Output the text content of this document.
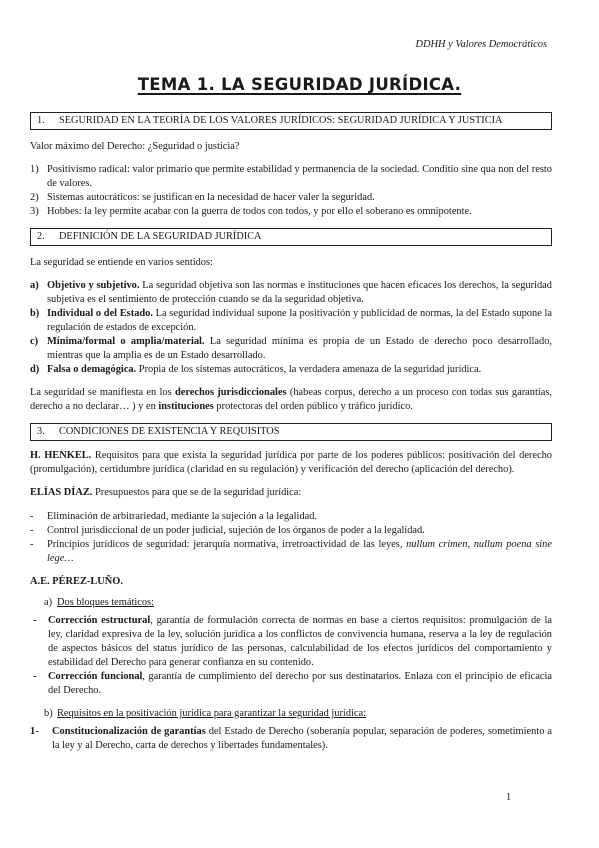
DDHH y Valores Democráticos
TEMA 1. LA SEGURIDAD JURÍDICA.
1. SEGURIDAD EN LA TEORÍA DE LOS VALORES JURÍDICOS: SEGURIDAD JURÍDICA Y JUSTICIA

Valor máximo del Derecho: ¿Seguridad o justicia?

1) Positivismo radical: valor primario que permite estabilidad y permanencia de la sociedad. Conditio sine qua non del resto de valores.
2) Sistemas autocráticos: se justifican en la necesidad de hacer valer la seguridad.
3) Hobbes: la ley permite acabar con la guerra de todos con todos, y por ello el soberano es omnipotente.
2. DEFINICIÓN DE LA SEGURIDAD JURÍDICA

La seguridad se entiende en varios sentidos:

a) Objetivo y subjetivo. La seguridad objetiva son las normas e instituciones que hacen eficaces los derechos, la seguridad subjetiva es el sentimiento de protección cuando se da la seguridad objetiva.
b) Individual o del Estado. La seguridad individual supone la positivación y publicidad de normas, la del Estado supone la regulación de estados de excepción.
c) Mínima/formal o amplia/material. La seguridad mínima es propia de un Estado de derecho poco desarrollado, mientras que la amplia es de un Estado desarrollado.
d) Falsa o demagógica. Propia de los sistemas autocráticos, la verdadera amenaza de la seguridad jurídica.

La seguridad se manifiesta en los derechos jurisdiccionales (habeas corpus, derecho a un proceso con todas sus garantías, derecho a no declarar… ) y en instituciones protectoras del orden público y tráfico jurídico.

3. CONDICIONES DE EXISTENCIA Y REQUISITOS

H. HENKEL. Requisitos para que exista la seguridad jurídica por parte de los poderes públicos: positivación del derecho (promulgación), certidumbre jurídica (claridad en su regulación) y verificación del derecho (aplicación del derecho).

ELÍAS DÍAZ. Presupuestos para que se de la seguridad jurídica:

- Eliminación de arbitrariedad, mediante la sujeción a la legalidad.
- Control jurisdiccional de un poder judicial, sujeción de los órganos de poder a la legalidad.
- Principios jurídicos de seguridad: jerarquía normativa, irretroactividad de las leyes, nullum crimen, nullum poena sine lege…

A.E. PÉREZ-LUÑO.

a) Dos bloques temáticos:
- Corrección estructural, garantía de formulación correcta de normas en base a ciertos requisitos: promulgación de la ley, claridad expresiva de la ley, solución jurídica a los conflictos de convivencia humana, reserva a la ley de regulación de aspectos básicos del status jurídico de las personas, calculabilidad de los efectos jurídicos del comportamiento y estabilidad del Derecho para generar confianza en su contenido.
- Corrección funcional, garantía de cumplimiento del derecho por sus destinatarios. Enlaza con el principio de eficacia del Derecho.
b) Requisitos en la positivación jurídica para garantizar la seguridad jurídica:
1- Constitucionalización de garantías del Estado de Derecho (soberanía popular, separación de poderes, sometimiento a la ley y al Derecho, carta de derechos y libertades fundamentales).
1
